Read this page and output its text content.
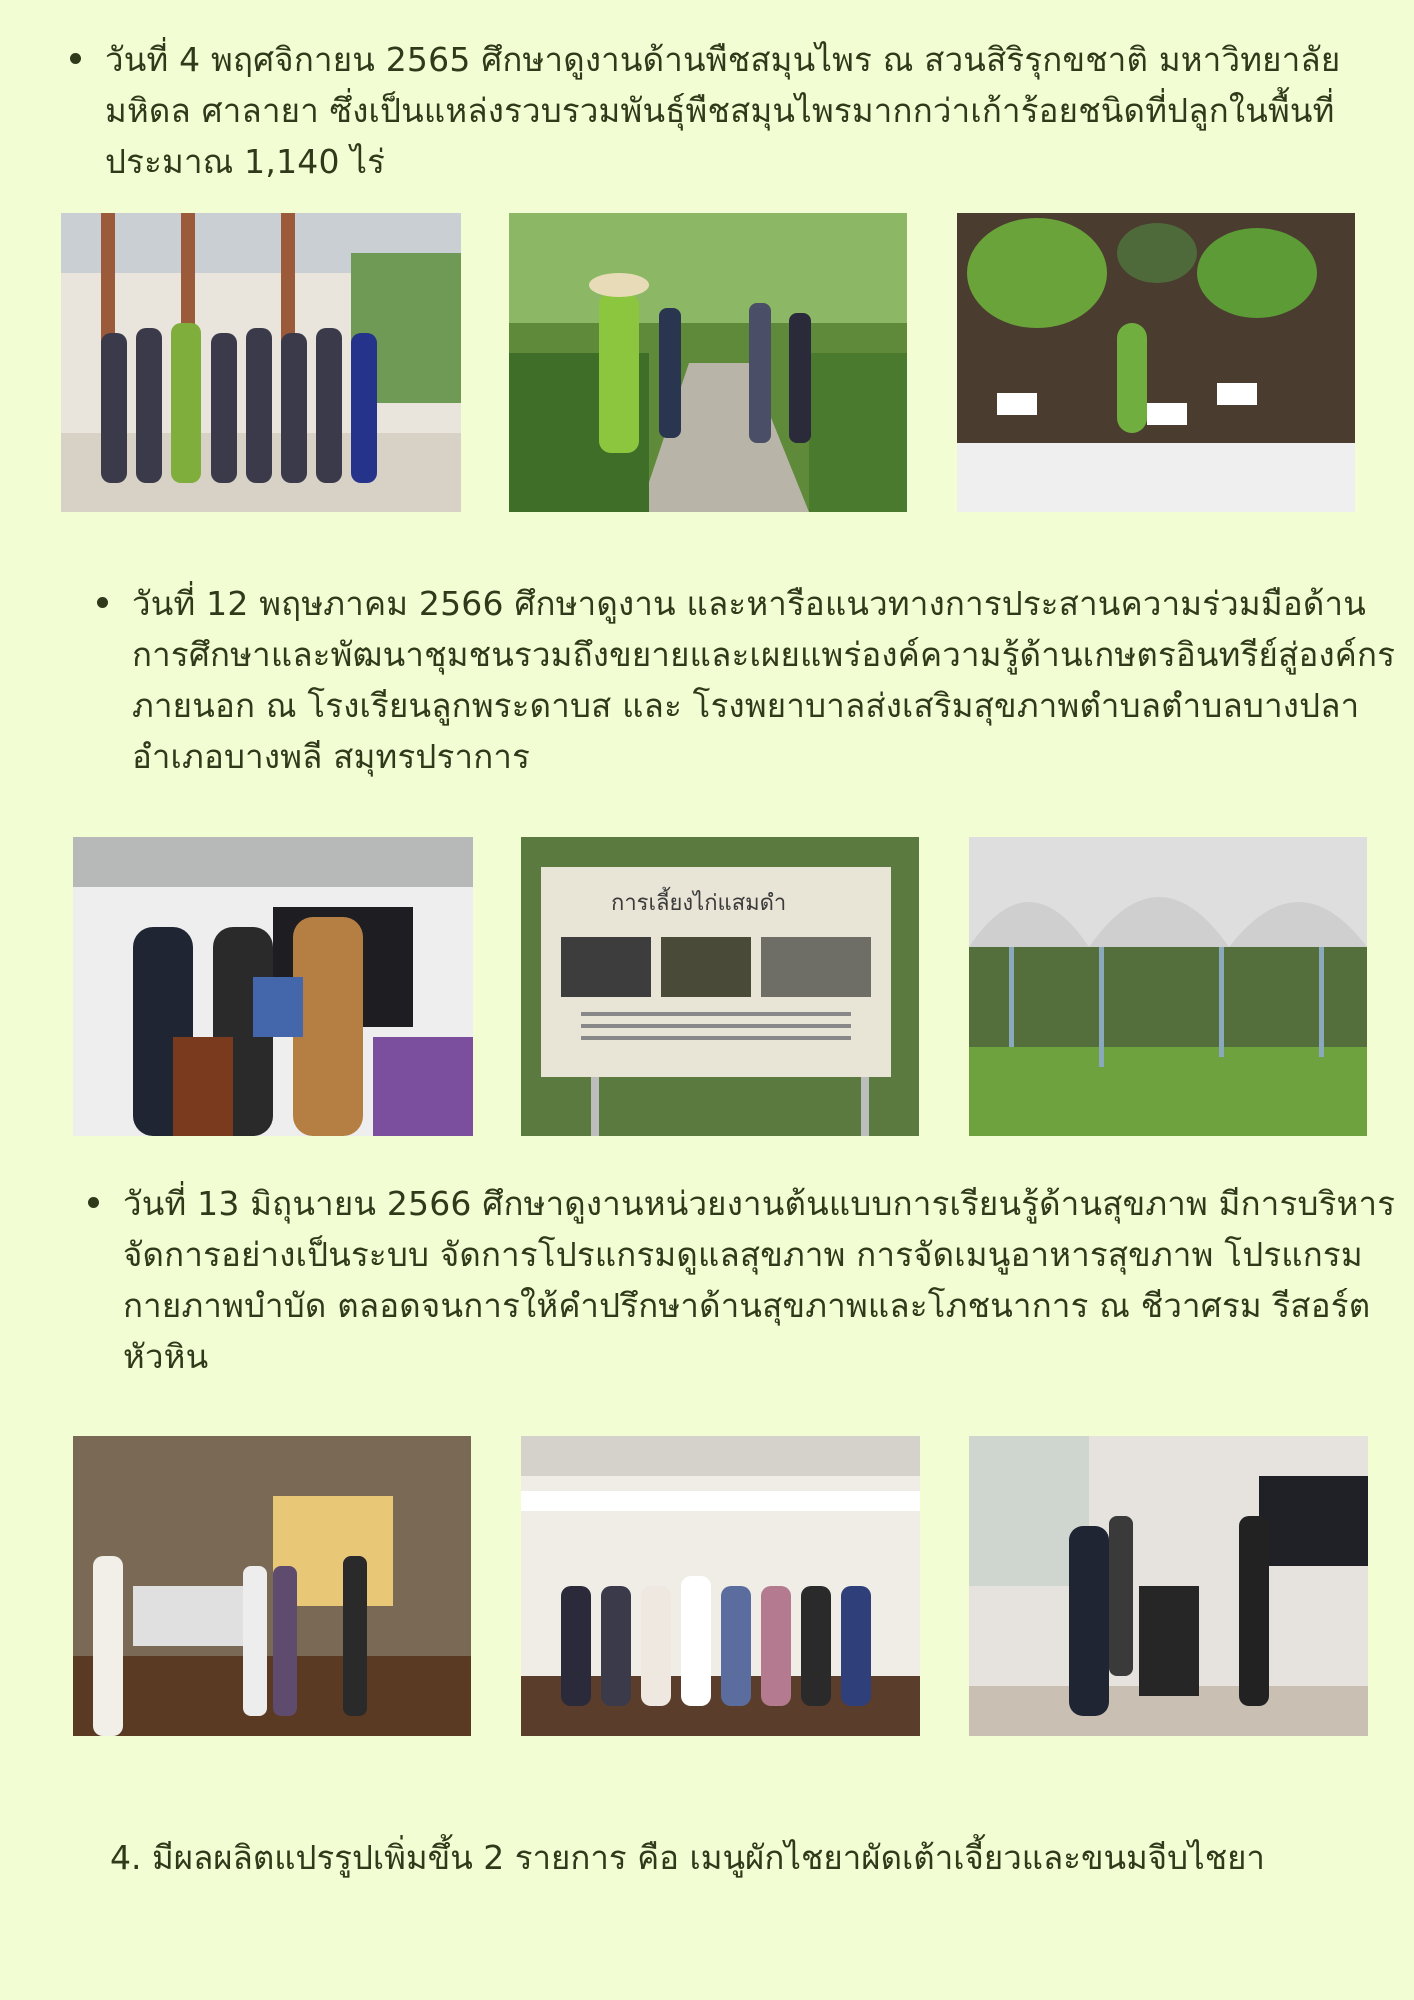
วันที่ 4 พฤศจิกายน 2565 ศึกษาดูงานด้านพืชสมุนไพร ณ สวนสิริรุกขชาติ มหาวิทยาลัยมหิดล ศาลายา ซึ่งเป็นแหล่งรวบรวมพันธุ์พืชสมุนไพรมากกว่าเก้าร้อยชนิดที่ปลูกในพื้นที่ประมาณ 1,140 ไร่
วันที่ 12 พฤษภาคม 2566 ศึกษาดูงาน และหารือแนวทางการประสานความร่วมมือด้านการศึกษาและพัฒนาชุมชนรวมถึงขยายและเผยแพร่องค์ความรู้ด้านเกษตรอินทรีย์สู่องค์กรภายนอก ณ โรงเรียนลูกพระดาบส และ โรงพยาบาลส่งเสริมสุขภาพตำบลตำบลบางปลา อำเภอบางพลี สมุทรปราการ
การเลี้ยงไก่แสมดำ
วันที่ 13 มิถุนายน 2566 ศึกษาดูงานหน่วยงานต้นแบบการเรียนรู้ด้านสุขภาพ มีการบริหารจัดการอย่างเป็นระบบ จัดการโปรแกรมดูแลสุขภาพ การจัดเมนูอาหารสุขภาพ โปรแกรมกายภาพบำบัด ตลอดจนการให้คำปรึกษาด้านสุขภาพและโภชนาการ ณ ชีวาศรม รีสอร์ต หัวหิน
4. มีผลผลิตแปรรูปเพิ่มขึ้น 2 รายการ คือ เมนูผักไชยาผัดเต้าเจี้ยวและขนมจีบไชยา
